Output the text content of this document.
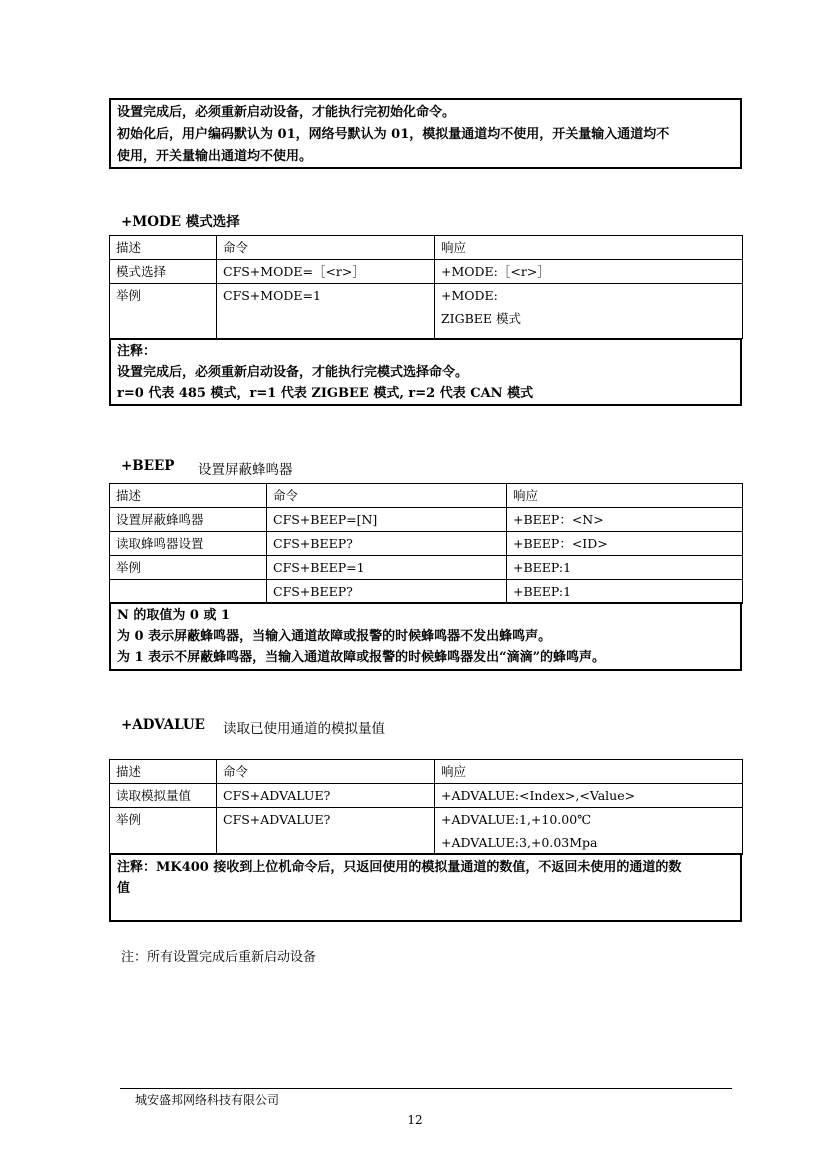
设置完成后，必须重新启动设备，才能执行完初始化命令。
初始化后，用户编码默认为 01，网络号默认为 01，模拟量通道均不使用，开关量输入通道均不
使用，开关量输出通道均不使用。
+MODE 模式选择
描述	命令	响应
模式选择	CFS+MODE=［<r>］	+MODE:［<r>］
举例	CFS+MODE=1	+MODE:
ZIGBEE 模式
注释：
设置完成后，必须重新启动设备，才能执行完模式选择命令。
r=0 代表 485 模式，r=1 代表 ZIGBEE 模式, r=2 代表 CAN 模式
+BEEP 设置屏蔽蜂鸣器
描述	命令	响应
设置屏蔽蜂鸣器	CFS+BEEP=[N]	+BEEP：<N>
读取蜂鸣器设置	CFS+BEEP?	+BEEP：<ID>
举例	CFS+BEEP=1	+BEEP:1
	CFS+BEEP?	+BEEP:1
N 的取值为 0 或 1
为 0 表示屏蔽蜂鸣器，当输入通道故障或报警的时候蜂鸣器不发出蜂鸣声。
为 1 表示不屏蔽蜂鸣器，当输入通道故障或报警的时候蜂鸣器发出“滴滴”的蜂鸣声。
+ADVALUE 读取已使用通道的模拟量值
描述	命令	响应
读取模拟量值	CFS+ADVALUE?	+ADVALUE:<Index>,<Value>
举例	CFS+ADVALUE?	+ADVALUE:1,+10.00℃
+ADVALUE:3,+0.03Mpa
注释：MK400 接收到上位机命令后，只返回使用的模拟量通道的数值，不返回未使用的通道的数
值
注：所有设置完成后重新启动设备
城安盛邦网络科技有限公司
12
